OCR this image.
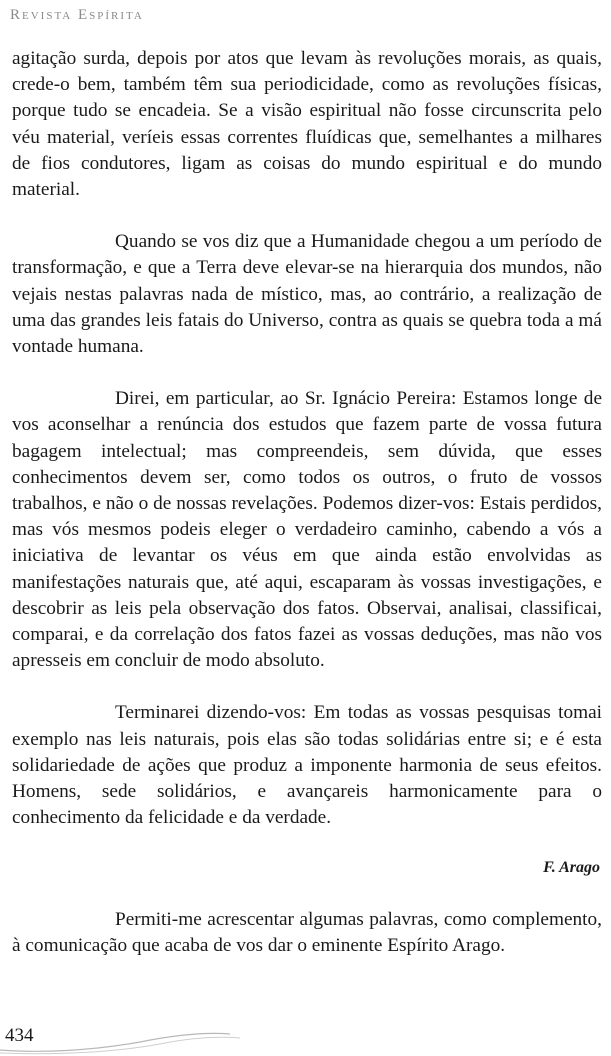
Revista Espírita

agitação surda, depois por atos que levam às revoluções morais, as quais, crede-o bem, também têm sua periodicidade, como as revoluções físicas, porque tudo se encadeia. Se a visão espiritual não fosse circunscrita pelo véu material, veríeis essas correntes fluídicas que, semelhantes a milhares de fios condutores, ligam as coisas do mundo espiritual e do mundo material.

Quando se vos diz que a Humanidade chegou a um período de transformação, e que a Terra deve elevar-se na hierarquia dos mundos, não vejais nestas palavras nada de místico, mas, ao contrário, a realização de uma das grandes leis fatais do Universo, contra as quais se quebra toda a má vontade humana.

Direi, em particular, ao Sr. Ignácio Pereira: Estamos longe de vos aconselhar a renúncia dos estudos que fazem parte de vossa futura bagagem intelectual; mas compreendeis, sem dúvida, que esses conhecimentos devem ser, como todos os outros, o fruto de vossos trabalhos, e não o de nossas revelações. Podemos dizer-vos: Estais perdidos, mas vós mesmos podeis eleger o verdadeiro caminho, cabendo a vós a iniciativa de levantar os véus em que ainda estão envolvidas as manifestações naturais que, até aqui, escaparam às vossas investigações, e descobrir as leis pela observação dos fatos. Observai, analisai, classificai, comparai, e da correlação dos fatos fazei as vossas deduções, mas não vos apresseis em concluir de modo absoluto.

Terminarei dizendo-vos: Em todas as vossas pesquisas tomai exemplo nas leis naturais, pois elas são todas solidárias entre si; e é esta solidariedade de ações que produz a imponente harmonia de seus efeitos. Homens, sede solidários, e avançareis harmonicamente para o conhecimento da felicidade e da verdade.

F. Arago

Permiti-me acrescentar algumas palavras, como complemento, à comunicação que acaba de vos dar o eminente Espírito Arago.

434
